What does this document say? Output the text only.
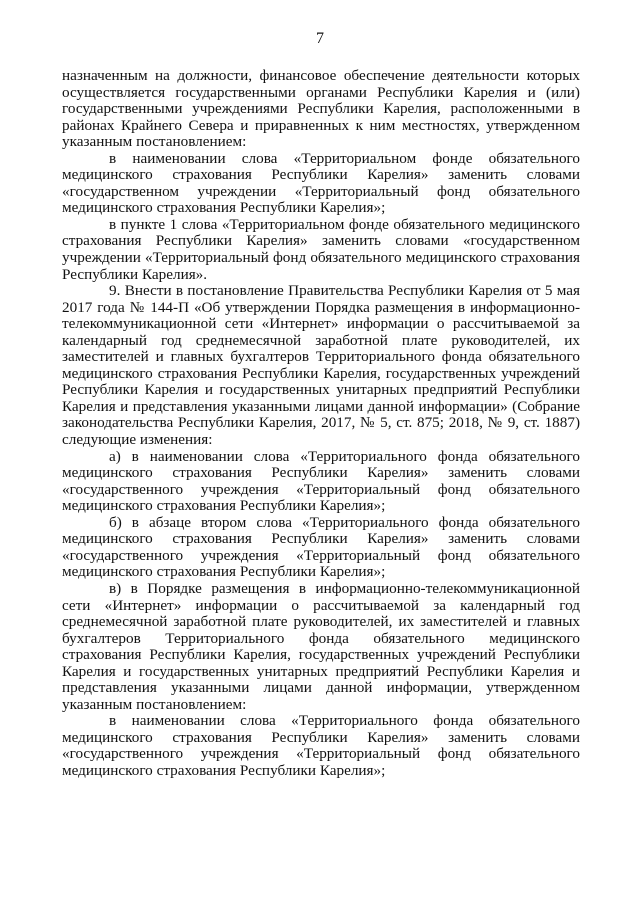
7

назначенным на должности, финансовое обеспечение деятельности которых осуществляется государственными органами Республики Карелия и (или) государственными учреждениями Республики Карелия, расположенными в районах Крайнего Севера и приравненных к ним местностях, утвержденном указанным постановлением:

в наименовании слова «Территориальном фонде обязательного медицинского страхования Республики Карелия» заменить словами «государственном учреждении «Территориальный фонд обязательного медицинского страхования Республики Карелия»;

в пункте 1 слова «Территориальном фонде обязательного медицинского страхования Республики Карелия» заменить словами «государственном учреждении «Территориальный фонд обязательного медицинского страхования Республики Карелия».

9. Внести в постановление Правительства Республики Карелия от 5 мая 2017 года № 144-П «Об утверждении Порядка размещения в информационно-телекоммуникационной сети «Интернет» информации о рассчитываемой за календарный год среднемесячной заработной плате руководителей, их заместителей и главных бухгалтеров Территориального фонда обязательного медицинского страхования Республики Карелия, государственных учреждений Республики Карелия и государственных унитарных предприятий Республики Карелия и представления указанными лицами данной информации» (Собрание законодательства Республики Карелия, 2017, № 5, ст. 875; 2018, № 9, ст. 1887) следующие изменения:

а) в наименовании слова «Территориального фонда обязательного медицинского страхования Республики Карелия» заменить словами «государственного учреждения «Территориальный фонд обязательного медицинского страхования Республики Карелия»;

б) в абзаце втором слова «Территориального фонда обязательного медицинского страхования Республики Карелия» заменить словами «государственного учреждения «Территориальный фонд обязательного медицинского страхования Республики Карелия»;

в) в Порядке размещения в информационно-телекоммуникационной сети «Интернет» информации о рассчитываемой за календарный год среднемесячной заработной плате руководителей, их заместителей и главных бухгалтеров Территориального фонда обязательного медицинского страхования Республики Карелия, государственных учреждений Республики Карелия и государственных унитарных предприятий Республики Карелия и представления указанными лицами данной информации, утвержденном указанным постановлением:

в наименовании слова «Территориального фонда обязательного медицинского страхования Республики Карелия» заменить словами «государственного учреждения «Территориальный фонд обязательного медицинского страхования Республики Карелия»;
